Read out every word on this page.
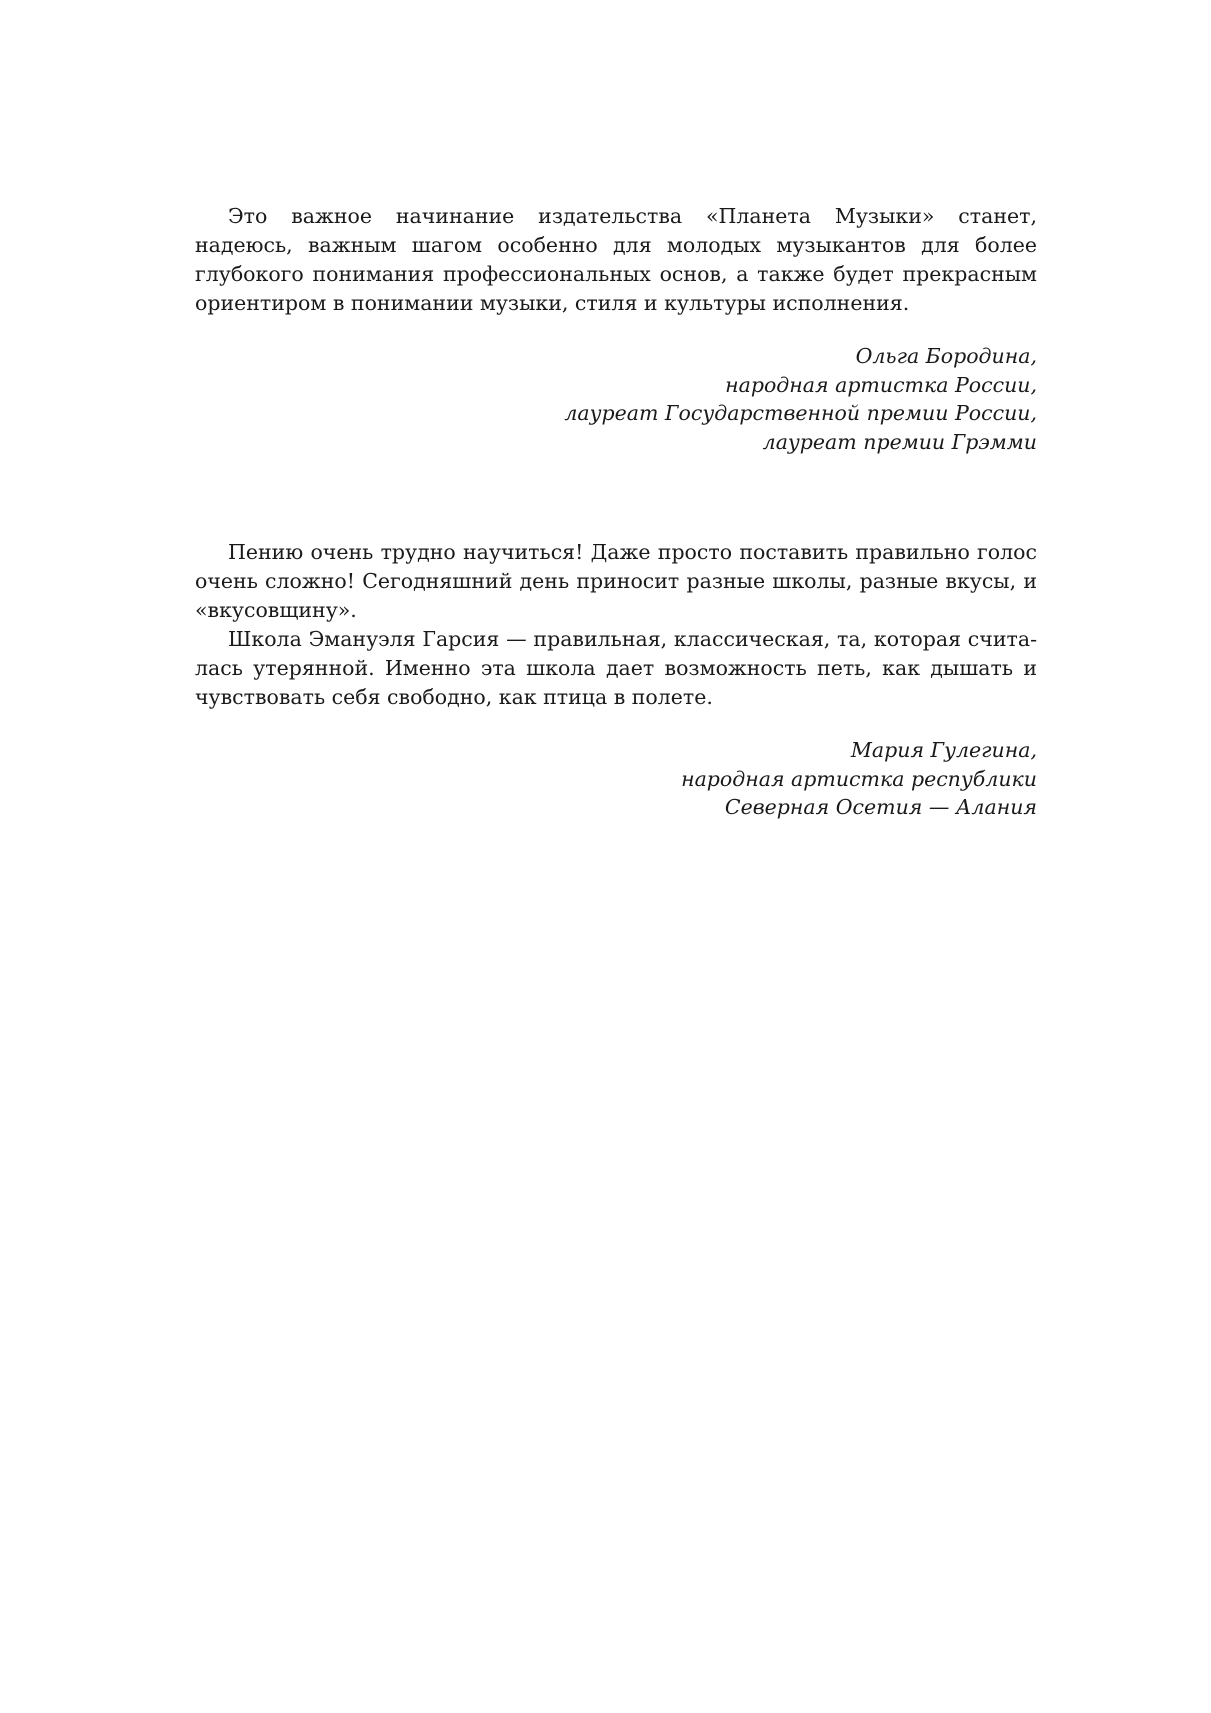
Это важное начинание издательства «Планета Музыки» станет, надеюсь, важным шагом особенно для молодых музыкантов для более глубокого понимания профессиональных основ, а также будет прекрасным ориентиром в понимании музыки, стиля и культуры исполнения.

Ольга Бородина,
народная артистка России,
лауреат Государственной премии России,
лауреат премии Грэмми

Пению очень трудно научиться! Даже просто поставить правильно голос очень сложно! Сегодняшний день приносит разные школы, разные вкусы, и «вкусовщину».

Школа Эмануэля Гарсия — правильная, классическая, та, которая считалась утерянной. Именно эта школа дает возможность петь, как дышать и чувствовать себя свободно, как птица в полете.

Мария Гулегина,
народная артистка республики
Северная Осетия — Алания
